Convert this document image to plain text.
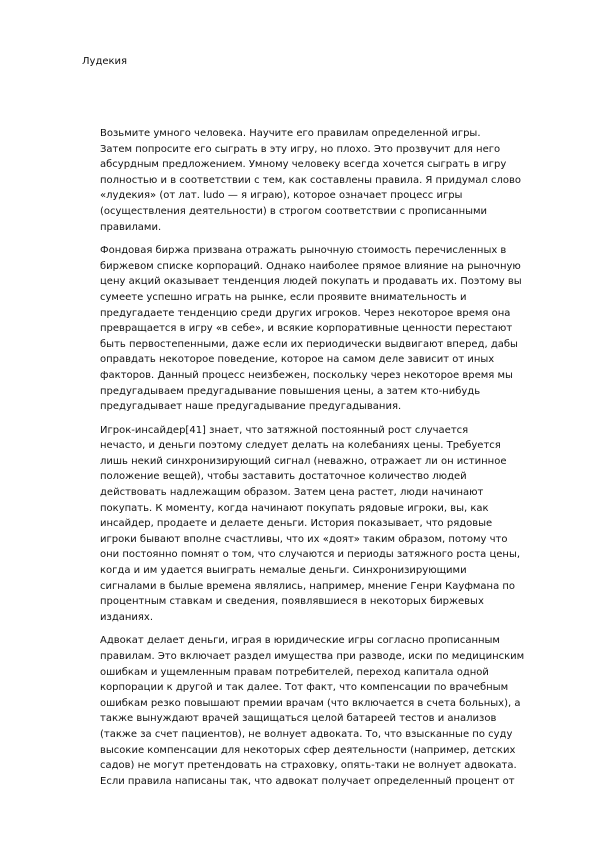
Лудекия

Возьмите умного человека. Научите его правилам определенной игры.
Затем попросите его сыграть в эту игру, но плохо. Это прозвучит для него
абсурдным предложением. Умному человеку всегда хочется сыграть в игру
полностью и в соответствии с тем, как составлены правила. Я придумал слово
«лудекия» (от лат. ludo — я играю), которое означает процесс игры
(осуществления деятельности) в строгом соответствии с прописанными
правилами.

Фондовая биржа призвана отражать рыночную стоимость перечисленных в
биржевом списке корпораций. Однако наиболее прямое влияние на рыночную
цену акций оказывает тенденция людей покупать и продавать их. Поэтому вы
сумеете успешно играть на рынке, если проявите внимательность и
предугадаете тенденцию среди других игроков. Через некоторое время она
превращается в игру «в себе», и всякие корпоративные ценности перестают
быть первостепенными, даже если их периодически выдвигают вперед, дабы
оправдать некоторое поведение, которое на самом деле зависит от иных
факторов. Данный процесс неизбежен, поскольку через некоторое время мы
предугадываем предугадывание повышения цены, а затем кто-нибудь
предугадывает наше предугадывание предугадывания.

Игрок-инсайдер[41] знает, что затяжной постоянный рост случается
нечасто, и деньги поэтому следует делать на колебаниях цены. Требуется
лишь некий синхронизирующий сигнал (неважно, отражает ли он истинное
положение вещей), чтобы заставить достаточное количество людей
действовать надлежащим образом. Затем цена растет, люди начинают
покупать. К моменту, когда начинают покупать рядовые игроки, вы, как
инсайдер, продаете и делаете деньги. История показывает, что рядовые
игроки бывают вполне счастливы, что их «доят» таким образом, потому что
они постоянно помнят о том, что случаются и периоды затяжного роста цены,
когда и им удается выиграть немалые деньги. Синхронизирующими
сигналами в былые времена являлись, например, мнение Генри Кауфмана по
процентным ставкам и сведения, появлявшиеся в некоторых биржевых
изданиях.

Адвокат делает деньги, играя в юридические игры согласно прописанным
правилам. Это включает раздел имущества при разводе, иски по медицинским
ошибкам и ущемленным правам потребителей, переход капитала одной
корпорации к другой и так далее. Тот факт, что компенсации по врачебным
ошибкам резко повышают премии врачам (что включается в счета больных), а
также вынуждают врачей защищаться целой батареей тестов и анализов
(также за счет пациентов), не волнует адвоката. То, что взысканные по суду
высокие компенсации для некоторых сфер деятельности (например, детских
садов) не могут претендовать на страховку, опять-таки не волнует адвоката.
Если правила написаны так, что адвокат получает определенный процент от
